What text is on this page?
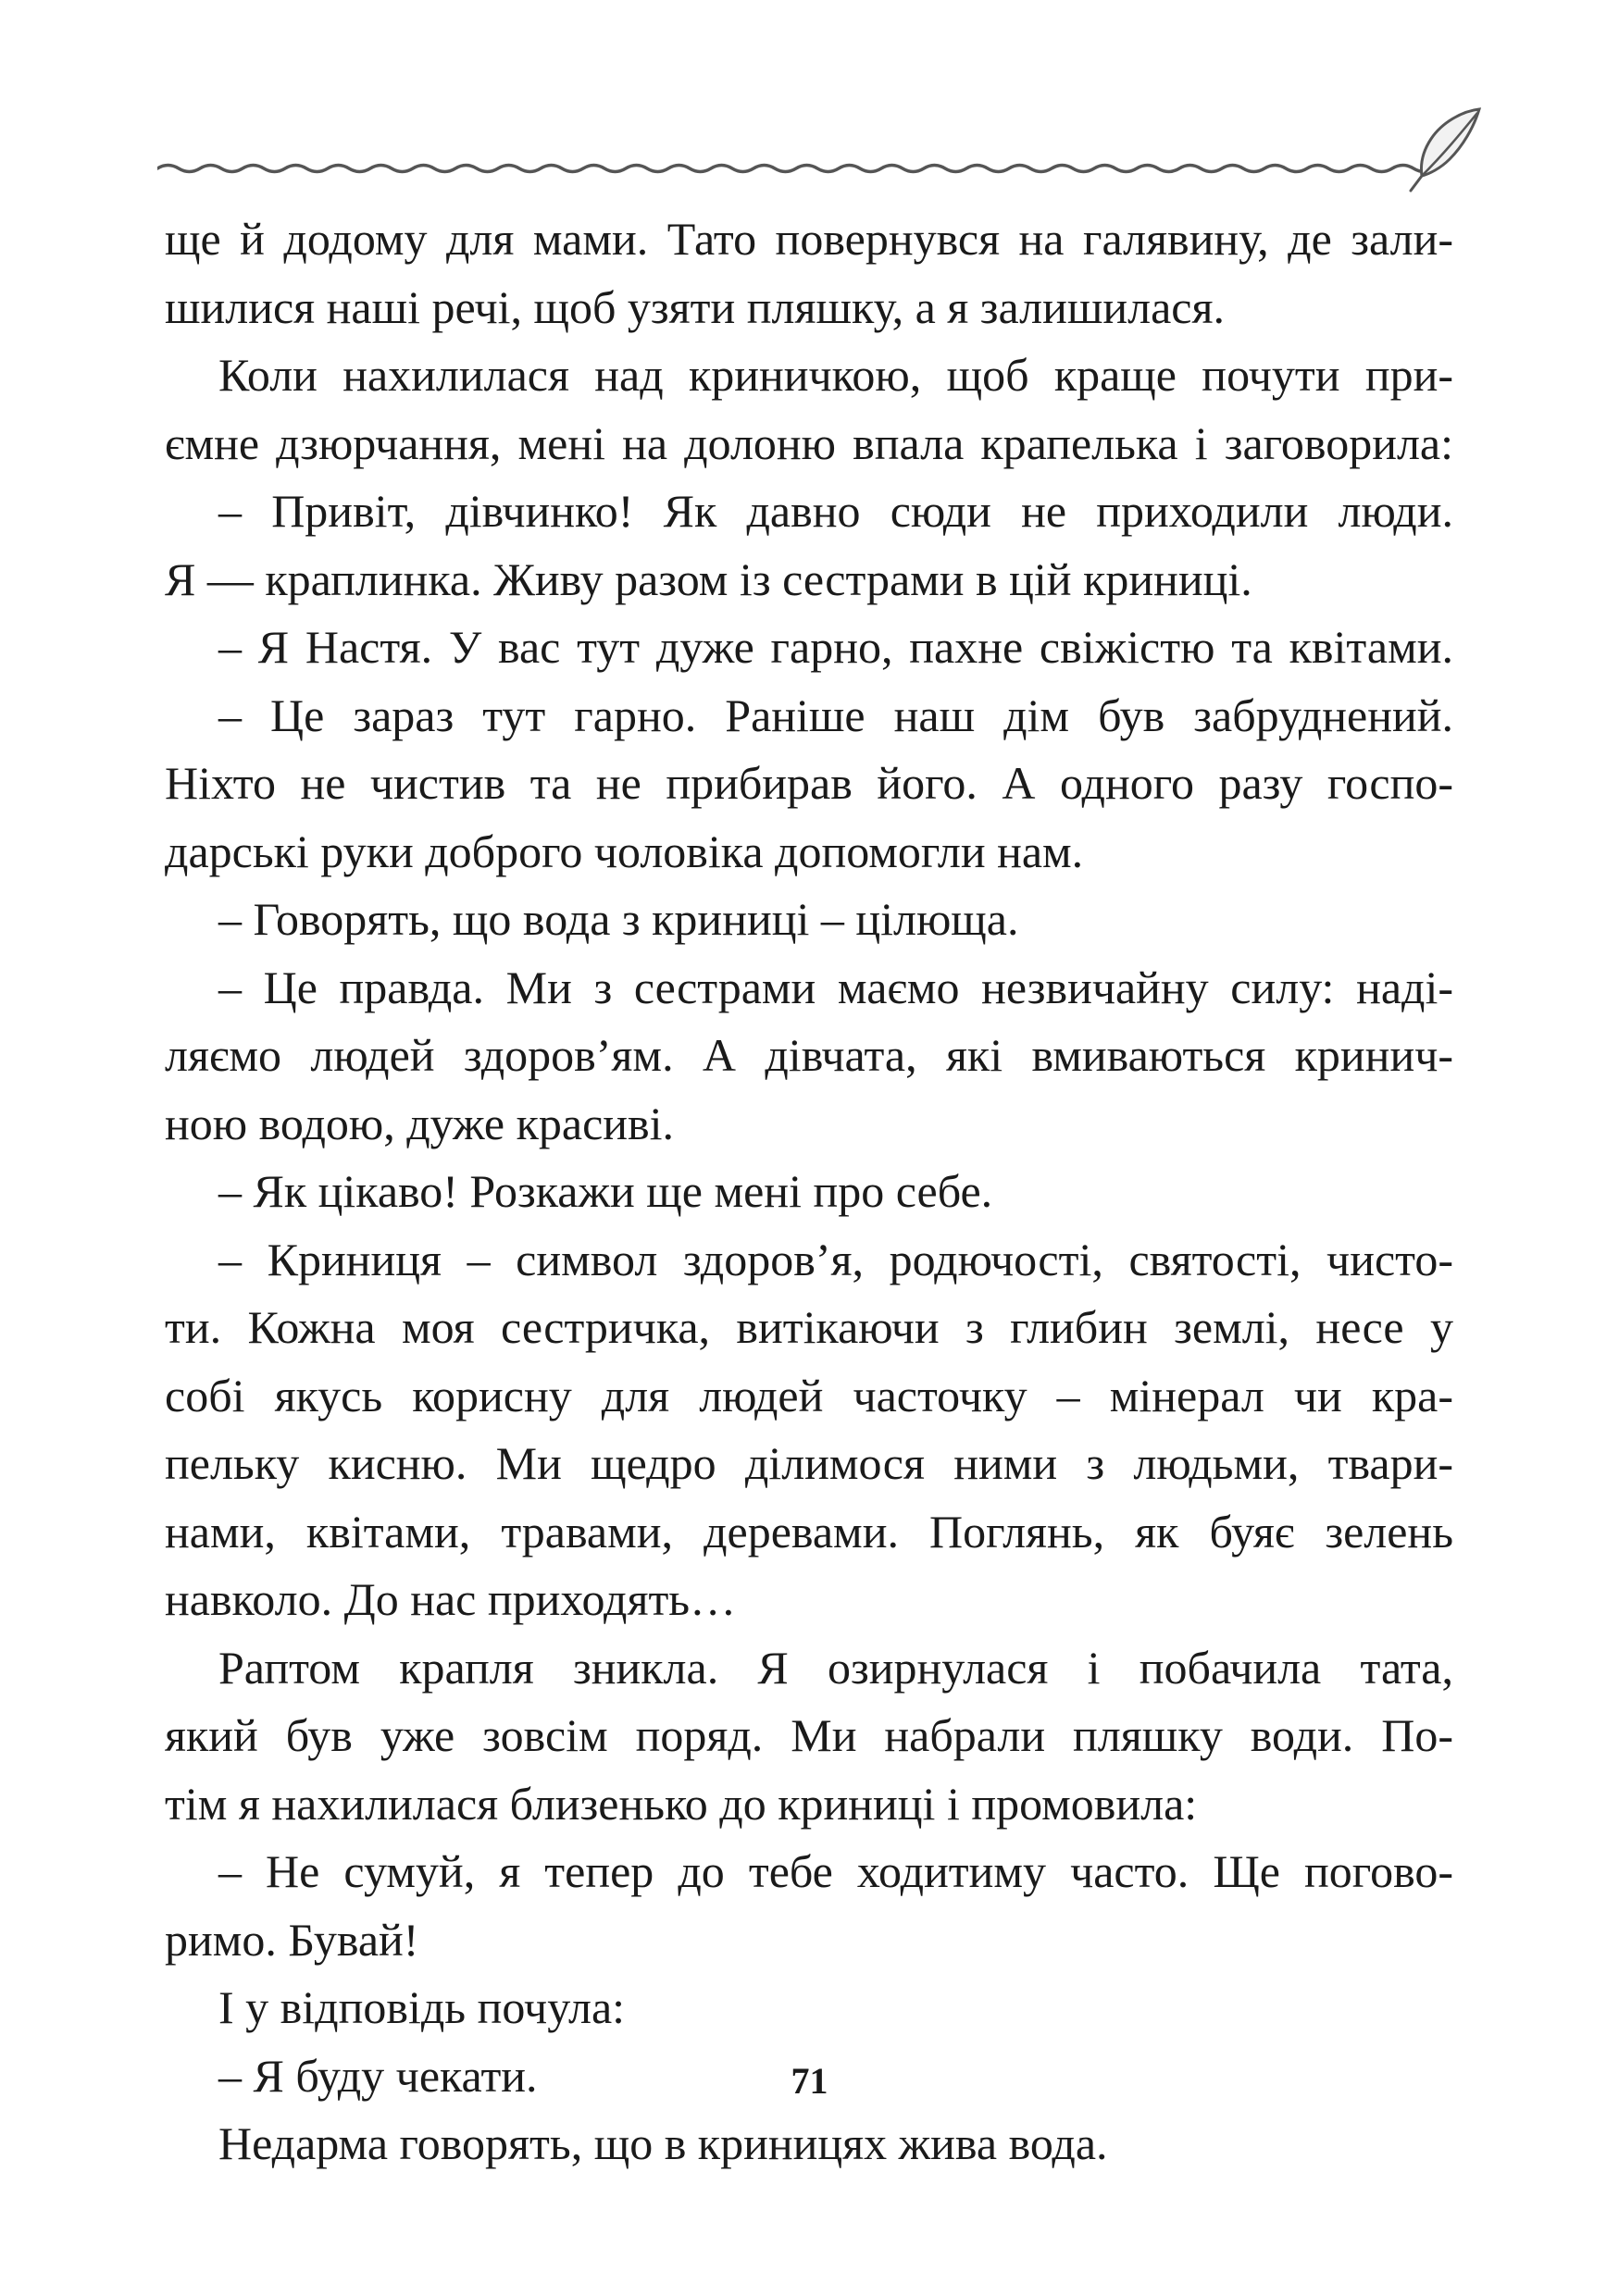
ще й додому для мами. Тато повернувся на галявину, де зали-
шилися наші речі, щоб узяти пляшку, а я залишилася.
Коли нахилилася над криничкою, щоб краще почути при-
ємне дзюрчання, мені на долоню впала крапелька і заговорила:
– Привіт, дівчинко! Як давно сюди не приходили люди.
Я — краплинка. Живу разом із сестрами в цій криниці.
– Я Настя. У вас тут дуже гарно, пахне свіжістю та квітами.
– Це зараз тут гарно. Раніше наш дім був забруднений.
Ніхто не чистив та не прибирав його. А одного разу госпо-
дарські руки доброго чоловіка допомогли нам.
– Говорять, що вода з криниці – цілюща.
– Це правда. Ми з сестрами маємо незвичайну силу: наді-
ляємо людей здоров’ям. А дівчата, які вмиваються кринич-
ною водою, дуже красиві.
– Як цікаво! Розкажи ще мені про себе.
– Криниця – символ здоров’я, родючості, святості, чисто-
ти. Кожна моя сестричка, витікаючи з глибин землі, несе у
собі якусь корисну для людей часточку – мінерал чи кра-
пельку кисню. Ми щедро ділимося ними з людьми, твари-
нами, квітами, травами, деревами. Поглянь, як буяє зелень
навколо. До нас приходять…
Раптом крапля зникла. Я озирнулася і побачила тата,
який був уже зовсім поряд. Ми набрали пляшку води. По-
тім я нахилилася близенько до криниці і промовила:
– Не сумуй, я тепер до тебе ходитиму часто. Ще погово-
римо. Бувай!
І у відповідь почула:
– Я буду чекати.
Недарма говорять, що в криницях жива вода.
71
